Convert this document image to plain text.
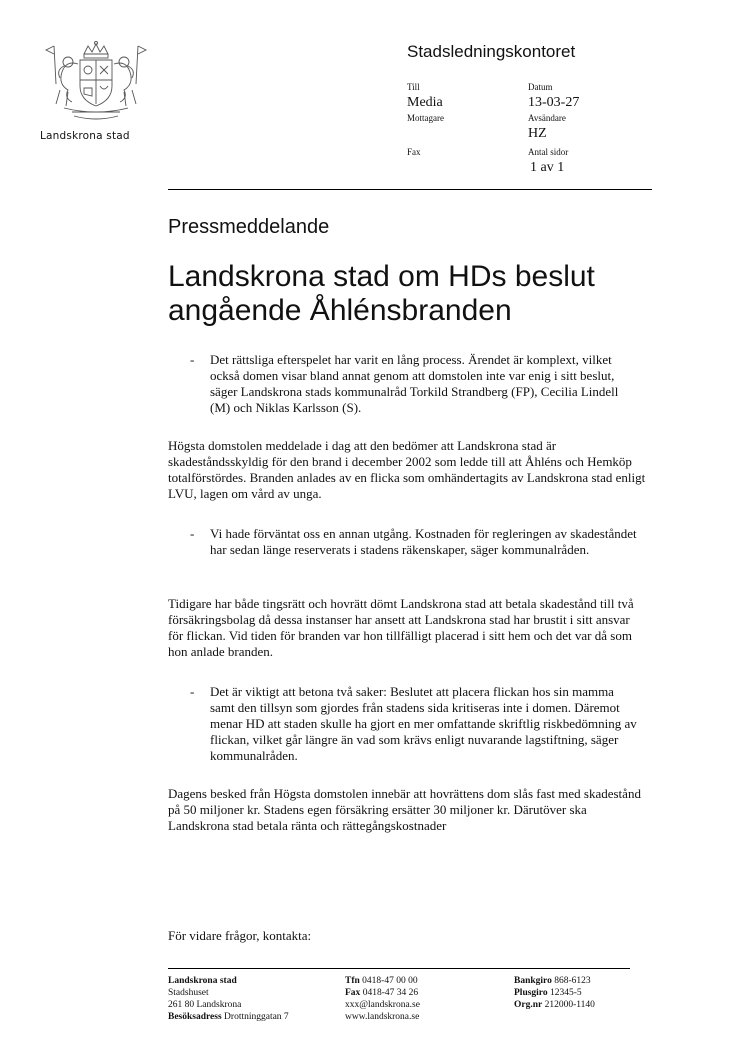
Landskrona stad
Stadsledningskontoret
Till
Media
Mottagare
Fax
Datum
13-03-27
Avsändare
HZ
Antal sidor
1 av 1
Pressmeddelande
Landskrona stad om HDs beslut
angående Åhlénsbranden
- Det rättsliga efterspelet har varit en lång process. Ärendet är komplext, vilket också domen visar bland annat genom att domstolen inte var enig i sitt beslut, säger Landskrona stads kommunalråd Torkild Strandberg (FP), Cecilia Lindell (M) och Niklas Karlsson (S).
Högsta domstolen meddelade i dag att den bedömer att Landskrona stad är skadeståndsskyldig för den brand i december 2002 som ledde till att Åhléns och Hemköp totalförstördes. Branden anlades av en flicka som omhändertagits av Landskrona stad enligt LVU, lagen om vård av unga.
- Vi hade förväntat oss en annan utgång. Kostnaden för regleringen av skadeståndet har sedan länge reserverats i stadens räkenskaper, säger kommunalråden.
Tidigare har både tingsrätt och hovrätt dömt Landskrona stad att betala skadestånd till två försäkringsbolag då dessa instanser har ansett att Landskrona stad har brustit i sitt ansvar för flickan. Vid tiden för branden var hon tillfälligt placerad i sitt hem och det var då som hon anlade branden.
- Det är viktigt att betona två saker: Beslutet att placera flickan hos sin mamma samt den tillsyn som gjordes från stadens sida kritiseras inte i domen. Däremot menar HD att staden skulle ha gjort en mer omfattande skriftlig riskbedömning av flickan, vilket går längre än vad som krävs enligt nuvarande lagstiftning, säger kommunalråden.
Dagens besked från Högsta domstolen innebär att hovrättens dom slås fast med skadestånd på 50 miljoner kr. Stadens egen försäkring ersätter 30 miljoner kr. Därutöver ska Landskrona stad betala ränta och rättegångskostnader
För vidare frågor, kontakta:
Landskrona stad
Stadshuset
261 80 Landskrona
Besöksadress Drottninggatan 7
Tfn 0418-47 00 00
Fax 0418-47 34 26
xxx@landskrona.se
www.landskrona.se
Bankgiro 868-6123
Plusgiro 12345-5
Org.nr 212000-1140
